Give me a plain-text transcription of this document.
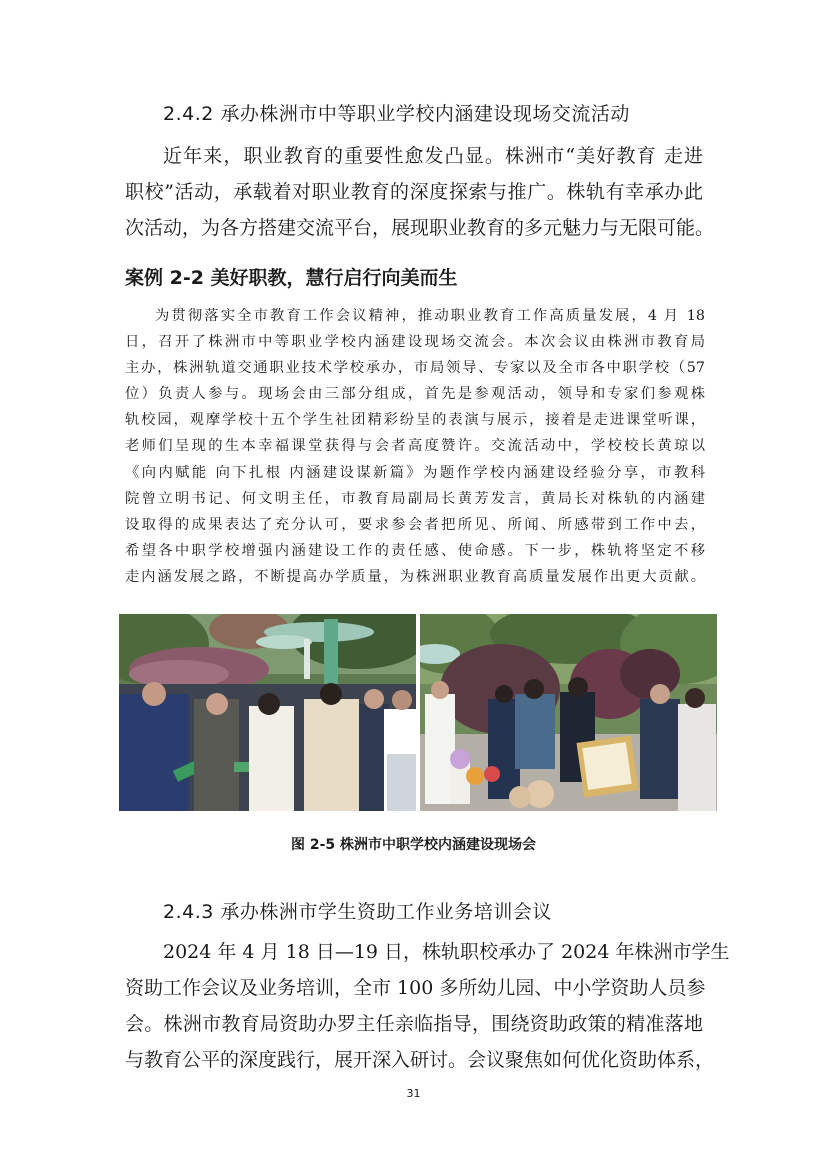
2.4.2 承办株洲市中等职业学校内涵建设现场交流活动
近年来，职业教育的重要性愈发凸显。株洲市“美好教育 走进
职校”活动，承载着对职业教育的深度探索与推广。株轨有幸承办此
次活动，为各方搭建交流平台，展现职业教育的多元魅力与无限可能。
案例 2-2 美好职教，慧行启行向美而生
为贯彻落实全市教育工作会议精神，推动职业教育工作高质量发展，4 月 18
日，召开了株洲市中等职业学校内涵建设现场交流会。本次会议由株洲市教育局
主办，株洲轨道交通职业技术学校承办，市局领导、专家以及全市各中职学校（57
位）负责人参与。现场会由三部分组成，首先是参观活动，领导和专家们参观株
轨校园，观摩学校十五个学生社团精彩纷呈的表演与展示，接着是走进课堂听课，
老师们呈现的生本幸福课堂获得与会者高度赞许。交流活动中，学校校长黄琼以
《向内赋能 向下扎根 内涵建设谋新篇》为题作学校内涵建设经验分享，市教科
院曾立明书记、何文明主任，市教育局副局长黄芳发言，黄局长对株轨的内涵建
设取得的成果表达了充分认可，要求参会者把所见、所闻、所感带到工作中去，
希望各中职学校增强内涵建设工作的责任感、使命感。下一步，株轨将坚定不移
走内涵发展之路，不断提高办学质量，为株洲职业教育高质量发展作出更大贡献。
图 2-5 株洲市中职学校内涵建设现场会
2.4.3 承办株洲市学生资助工作业务培训会议
2024 年 4 月 18 日—19 日，株轨职校承办了 2024 年株洲市学生
资助工作会议及业务培训，全市 100 多所幼儿园、中小学资助人员参
会。株洲市教育局资助办罗主任亲临指导，围绕资助政策的精准落地
与教育公平的深度践行，展开深入研讨。会议聚焦如何优化资助体系，
31
